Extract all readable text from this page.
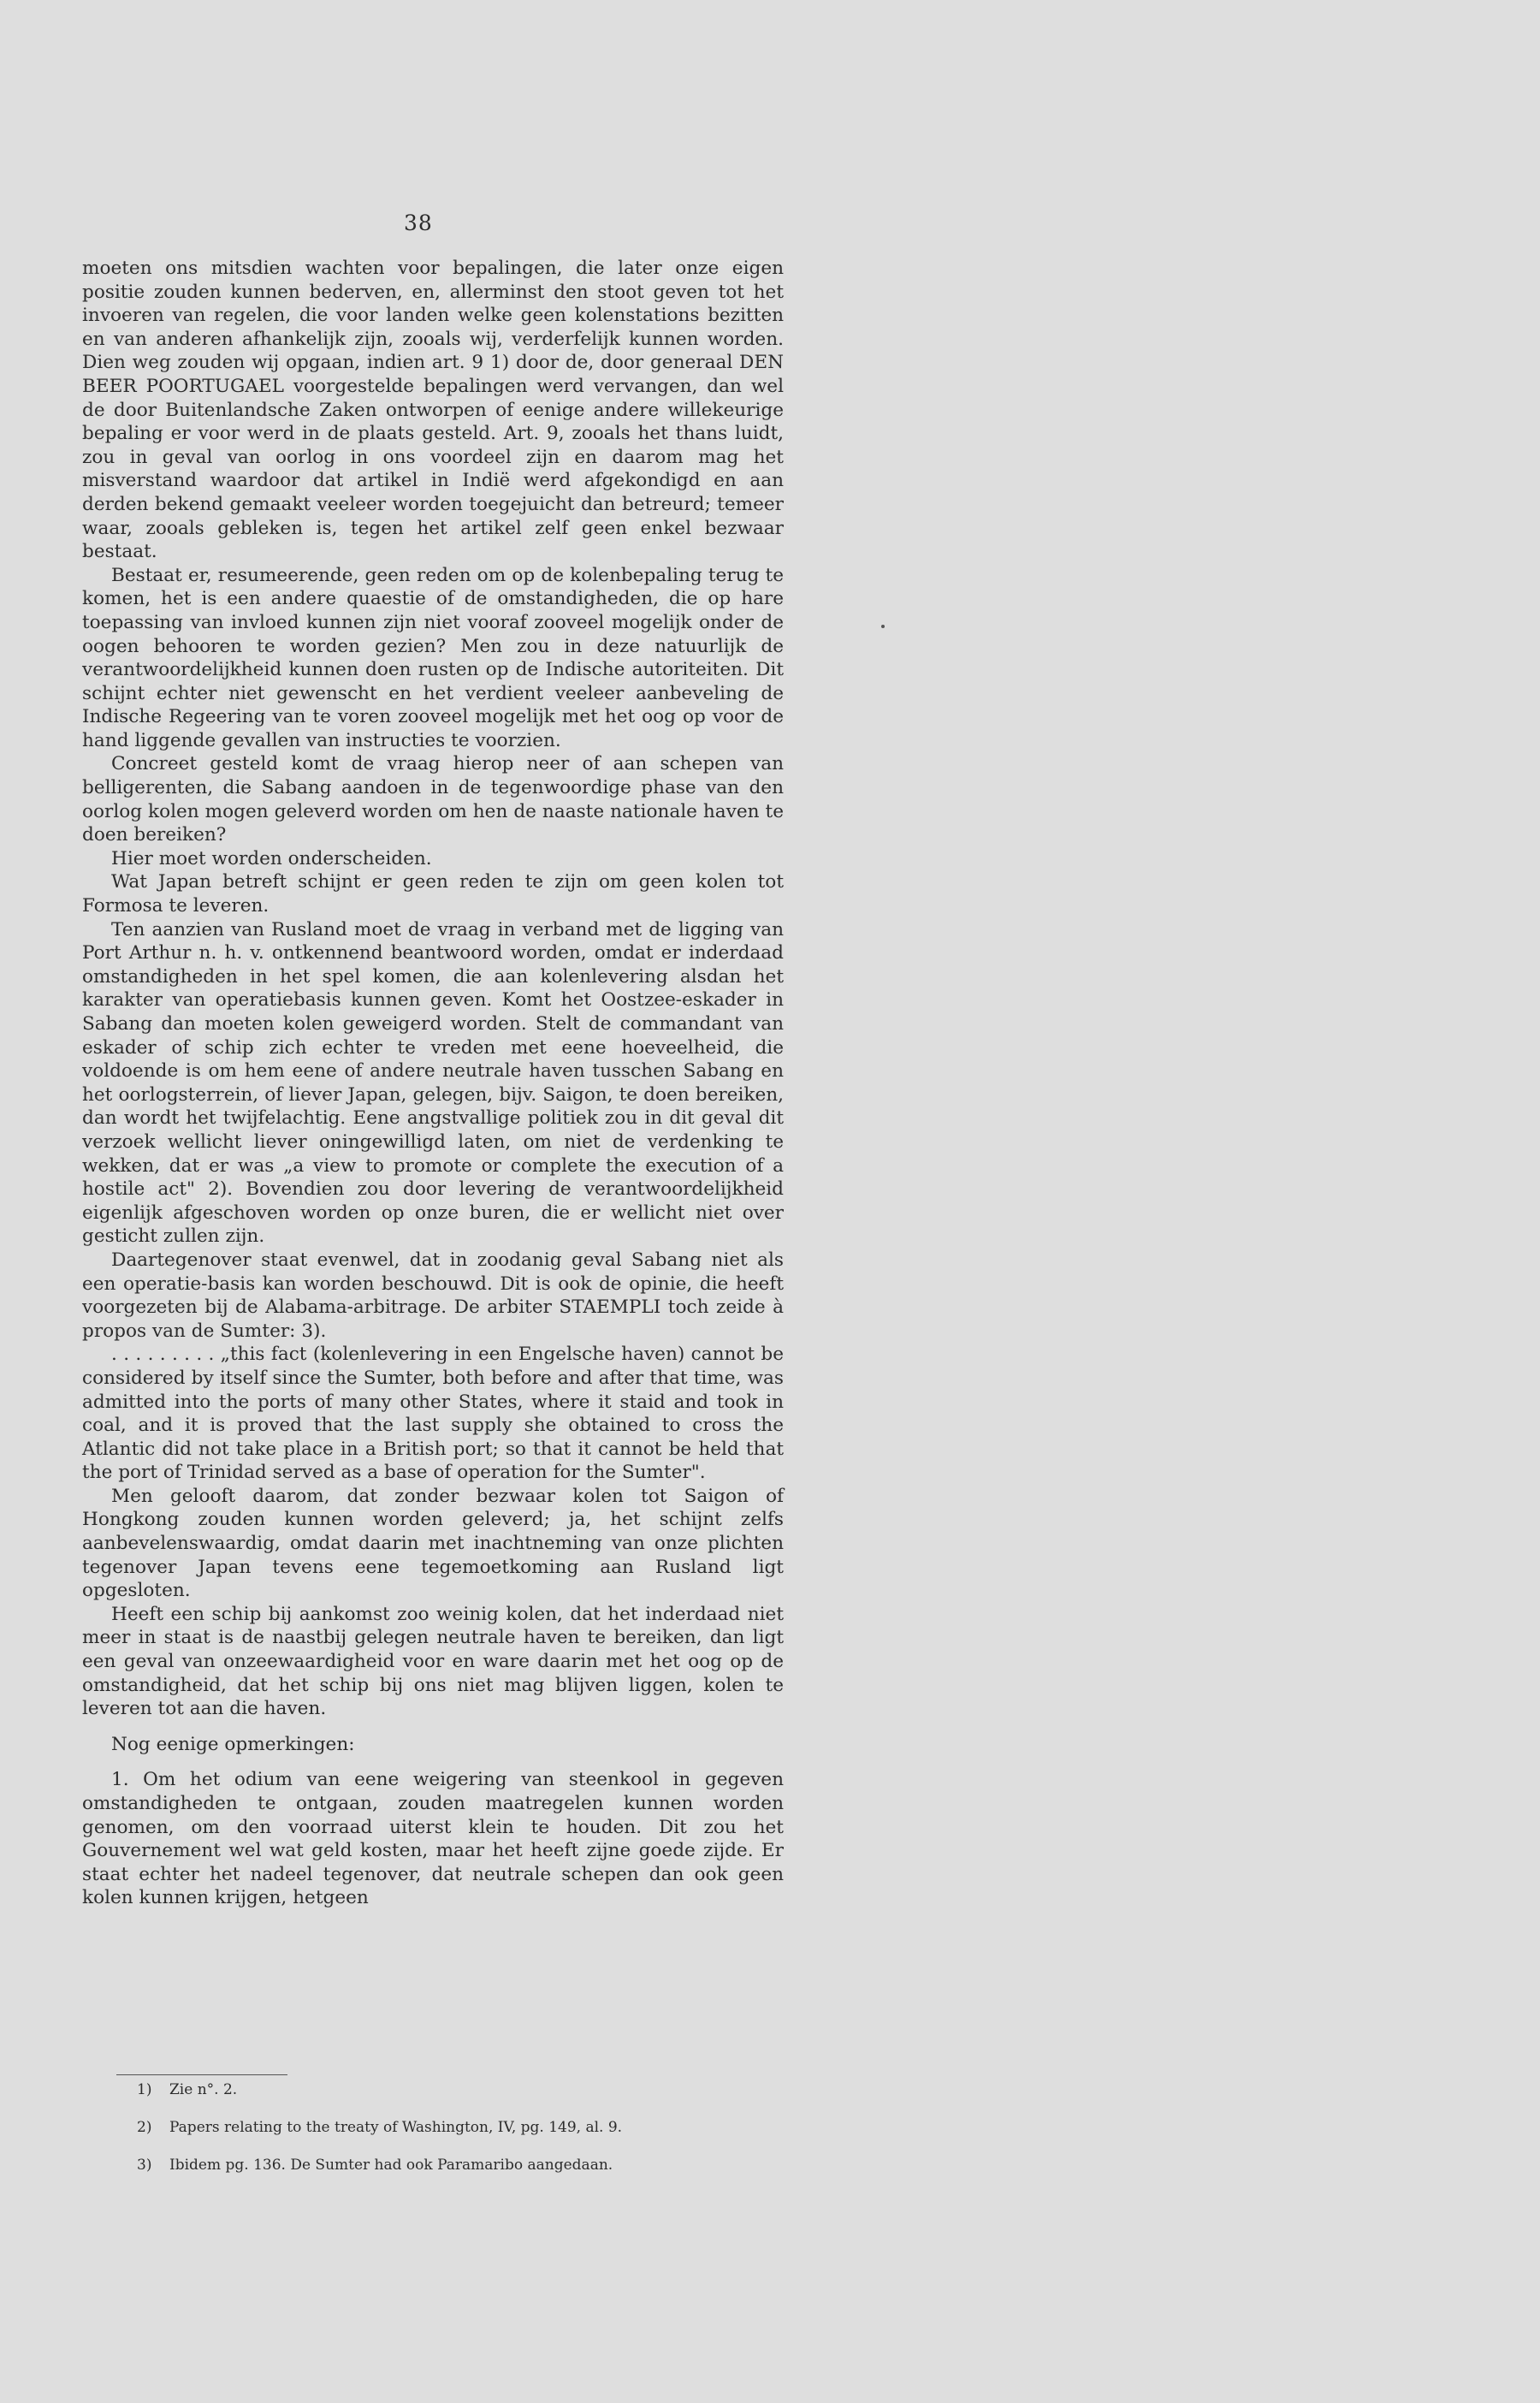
38

moeten ons mitsdien wachten voor bepalingen, die later onze eigen positie zouden kunnen bederven, en, allerminst den stoot geven tot het invoeren van regelen, die voor landen welke geen kolenstations bezitten en van anderen afhankelijk zijn, zooals wij, verderfelijk kunnen worden. Dien weg zouden wij opgaan, indien art. 9 1) door de, door generaal DEN BEER POORTUGAEL voorgestelde bepalingen werd vervangen, dan wel de door Buitenlandsche Zaken ontworpen of eenige andere willekeurige bepaling er voor werd in de plaats gesteld. Art. 9, zooals het thans luidt, zou in geval van oorlog in ons voordeel zijn en daarom mag het misverstand waardoor dat artikel in Indië werd afgekondigd en aan derden bekend gemaakt veeleer worden toegejuicht dan betreurd; temeer waar, zooals gebleken is, tegen het artikel zelf geen enkel bezwaar bestaat.

Bestaat er, resumeerende, geen reden om op de kolenbepaling terug te komen, het is een andere quaestie of de omstandigheden, die op hare toepassing van invloed kunnen zijn niet vooraf zooveel mogelijk onder de oogen behooren te worden gezien? Men zou in deze natuurlijk de verantwoordelijkheid kunnen doen rusten op de Indische autoriteiten. Dit schijnt echter niet gewenscht en het verdient veeleer aanbeveling de Indische Regeering van te voren zooveel mogelijk met het oog op voor de hand liggende gevallen van instructies te voorzien.

Concreet gesteld komt de vraag hierop neer of aan schepen van belligerenten, die Sabang aandoen in de tegenwoordige phase van den oorlog kolen mogen geleverd worden om hen de naaste nationale haven te doen bereiken?

Hier moet worden onderscheiden.

Wat Japan betreft schijnt er geen reden te zijn om geen kolen tot Formosa te leveren.

Ten aanzien van Rusland moet de vraag in verband met de ligging van Port Arthur n. h. v. ontkennend beantwoord worden, omdat er inderdaad omstandigheden in het spel komen, die aan kolenlevering alsdan het karakter van operatiebasis kunnen geven. Komt het Oostzee-eskader in Sabang dan moeten kolen geweigerd worden. Stelt de commandant van eskader of schip zich echter te vreden met eene hoeveelheid, die voldoende is om hem eene of andere neutrale haven tusschen Sabang en het oorlogsterrein, of liever Japan, gelegen, bijv. Saigon, te doen bereiken, dan wordt het twijfelachtig. Eene angstvallige politiek zou in dit geval dit verzoek wellicht liever oningewilligd laten, om niet de verdenking te wekken, dat er was „a view to promote or complete the execution of a hostile act" 2). Bovendien zou door levering de verantwoordelijkheid eigenlijk afgeschoven worden op onze buren, die er wellicht niet over gesticht zullen zijn.

Daartegenover staat evenwel, dat in zoodanig geval Sabang niet als een operatie-basis kan worden beschouwd. Dit is ook de opinie, die heeft voorgezeten bij de Alabama-arbitrage. De arbiter STAEMPLI toch zeide à propos van de Sumter: 3).

. . . . . . . . . „this fact (kolenlevering in een Engelsche haven) cannot be considered by itself since the Sumter, both before and after that time, was admitted into the ports of many other States, where it staid and took in coal, and it is proved that the last supply she obtained to cross the Atlantic did not take place in a British port; so that it cannot be held that the port of Trinidad served as a base of operation for the Sumter".

Men gelooft daarom, dat zonder bezwaar kolen tot Saigon of Hongkong zouden kunnen worden geleverd; ja, het schijnt zelfs aanbevelenswaardig, omdat daarin met inachtneming van onze plichten tegenover Japan tevens eene tegemoetkoming aan Rusland ligt opgesloten.

Heeft een schip bij aankomst zoo weinig kolen, dat het inderdaad niet meer in staat is de naastbij gelegen neutrale haven te bereiken, dan ligt een geval van onzeewaardigheid voor en ware daarin met het oog op de omstandigheid, dat het schip bij ons niet mag blijven liggen, kolen te leveren tot aan die haven.

Nog eenige opmerkingen:

1. Om het odium van eene weigering van steenkool in gegeven omstandigheden te ontgaan, zouden maatregelen kunnen worden genomen, om den voorraad uiterst klein te houden. Dit zou het Gouvernement wel wat geld kosten, maar het heeft zijne goede zijde. Er staat echter het nadeel tegenover, dat neutrale schepen dan ook geen kolen kunnen krijgen, hetgeen

1) Zie n°. 2.

2) Papers relating to the treaty of Washington, IV, pg. 149, al. 9.

3) Ibidem pg. 136. De Sumter had ook Paramaribo aangedaan.
